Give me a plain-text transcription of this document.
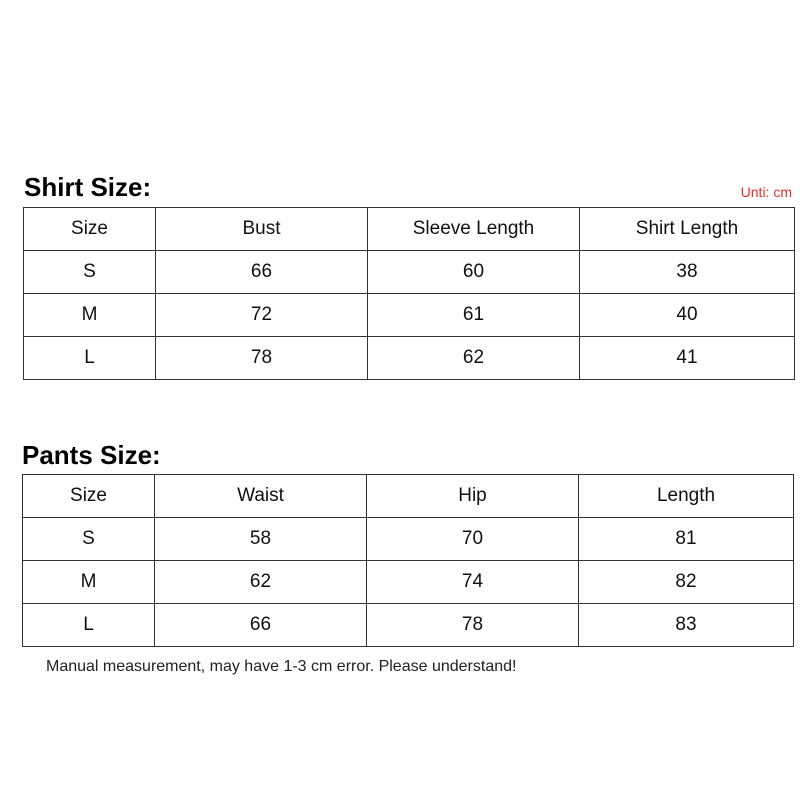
Shirt Size:	Unti: cm
Size	Bust	Sleeve Length	Shirt Length
S	66	60	38
M	72	61	40
L	78	62	41
Pants Size:
Size	Waist	Hip	Length
S	58	70	81
M	62	74	82
L	66	78	83
Manual measurement, may have 1-3 cm error. Please understand!
